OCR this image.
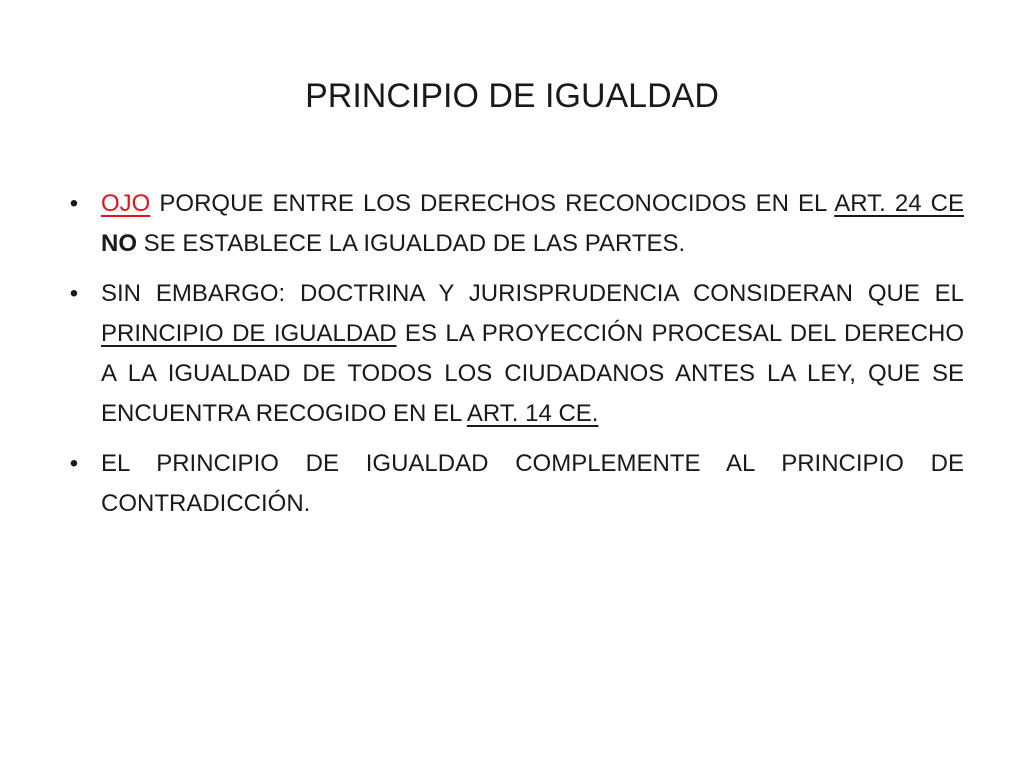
PRINCIPIO DE IGUALDAD
• OJO PORQUE ENTRE LOS DERECHOS RECONOCIDOS EN EL ART. 24 CE NO SE ESTABLECE LA IGUALDAD DE LAS PARTES.
• SIN EMBARGO: DOCTRINA Y JURISPRUDENCIA CONSIDERAN QUE EL PRINCIPIO DE IGUALDAD ES LA PROYECCIÓN PROCESAL DEL DERECHO A LA IGUALDAD DE TODOS LOS CIUDADANOS ANTES LA LEY, QUE SE ENCUENTRA RECOGIDO EN EL ART. 14 CE.
• EL PRINCIPIO DE IGUALDAD COMPLEMENTE AL PRINCIPIO DE CONTRADICCIÓN.
